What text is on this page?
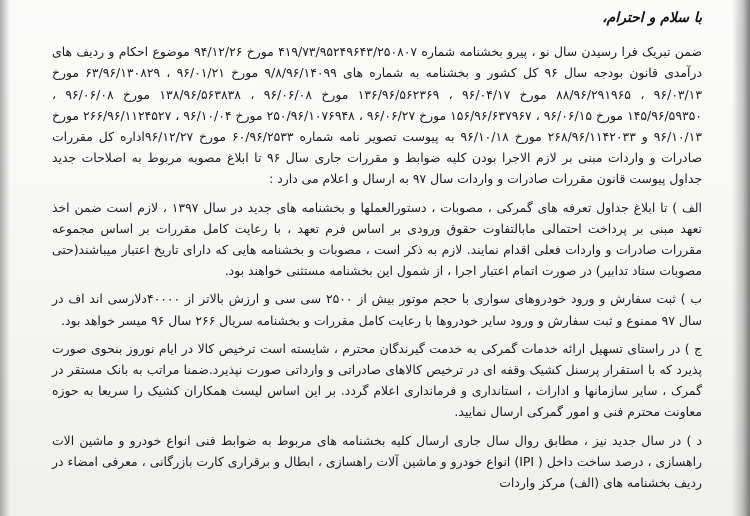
با سلام و احترام،

ضمن تبریک فرا رسیدن سال نو ، پیرو بخشنامه شماره ۴۱۹/۷۳/۹۵۲۴۹۶۴۳/۲۵۰۸۰۷ مورخ ۹۴/۱۲/۲۶ موضوع احکام و ردیف های درآمدی قانون بودجه سال ۹۶ کل کشور و بخشنامه به شماره های ۹/۸/۹۶/۱۴۰۹۹ مورخ ۹۶/۰۱/۲۱ ، ۶۳/۹۶/۱۳۰۸۲۹ مورخ ۹۶/۰۳/۱۳ ، ۸۸/۹۶/۲۹۱۹۶۵ مورخ ۹۶/۰۴/۱۷ ، ۱۳۶/۹۶/۵۶۲۳۶۹ مورخ ۹۶/۰۶/۰۸ ، ۱۳۸/۹۶/۵۶۳۸۳۸ مورخ ۹۶/۰۶/۰۸ ، ۱۴۵/۹۶/۵۹۳۵۰ مورخ ۹۶/۰۶/۱۵ ، ۱۵۶/۹۶/۶۳۷۹۶۷ مورخ ۹۶/۰۶/۲۷ ، ۲۵۰/۹۶/۱۰۷۶۹۴۸ مورخ ۹۶/۱۰/۰۴ ، ۲۶۶/۹۶/۱۱۲۴۵۲۷ مورخ ۹۶/۱۰/۱۳ و ۲۶۸/۹۶/۱۱۴۲۰۳۳ مورخ ۹۶/۱۰/۱۸ به پیوست تصویر نامه شماره ۶۰/۹۶/۲۵۳۳ مورخ ۹۶/۱۲/۲۷اداره کل مقررات صادرات و واردات مبنی بر لازم الاجرا بودن کلیه ضوابط و مقررات جاری سال ۹۶ تا ابلاغ مصوبه مربوط به اصلاحات جدید جداول پیوست قانون مقررات صادرات و واردات سال ۹۷ به ارسال و اعلام می دارد :

الف ) تا ابلاغ جداول تعرفه های گمرکی ، مصوبات ، دستورالعملها و بخشنامه های جدید در سال ۱۳۹۷ ، لازم است ضمن اخذ تعهد مبنی بر پرداخت احتمالی مابالتفاوت حقوق ورودی بر اساس فرم تعهد ، با رعایت کامل مقررات بر اساس مجموعه مقررات صادرات و واردات فعلی اقدام نمایند. لازم به ذکر است ، مصوبات و بخشنامه هایی که دارای تاریخ اعتبار میباشند(حتی مصوبات ستاد تدابیر) در صورت اتمام اعتبار اجرا ، از شمول این بخشنامه مستثنی خواهند بود.

ب ) ثبت سفارش و ورود خودروهای سواری با حجم موتور بیش از ۲۵۰۰ سی سی و ارزش بالاتر از ۴۰۰۰۰دلارسی اند اف در سال ۹۷ ممنوع و ثبت سفارش و ورود سایر خودروها با رعایت کامل مقررات و بخشنامه سریال ۲۶۶ سال ۹۶ میسر خواهد بود.

ج ) در راستای تسهیل ارائه خدمات گمرکی به خدمت گیرندگان محترم ، شایسته است ترخیص کالا در ایام نوروز بنحوی صورت پذیرد که با استقرار پرسنل کشیک وقفه ای در ترخیص کالاهای صادراتی و وارداتی صورت نپذیرد.ضمنا مراتب به بانک مستقر در گمرک ، سایر سازمانها و ادارات ، استانداری و فرمانداری اعلام گردد. بر این اساس لیست همکاران کشیک را سریعا به حوزه معاونت محترم فنی و امور گمرکی ارسال نمایید.

د ) در سال جدید نیز ، مطابق روال سال جاری ارسال کلیه بخشنامه های مربوط به ضوابط فنی انواع خودرو و ماشین الات راهسازی ، درصد ساخت داخل ( IPI) انواع خودرو و ماشین آلات راهسازی ، ابطال و برقراری کارت بازرگانی ، معرفی امضاء در ردیف بخشنامه های (الف) مرکز واردات
